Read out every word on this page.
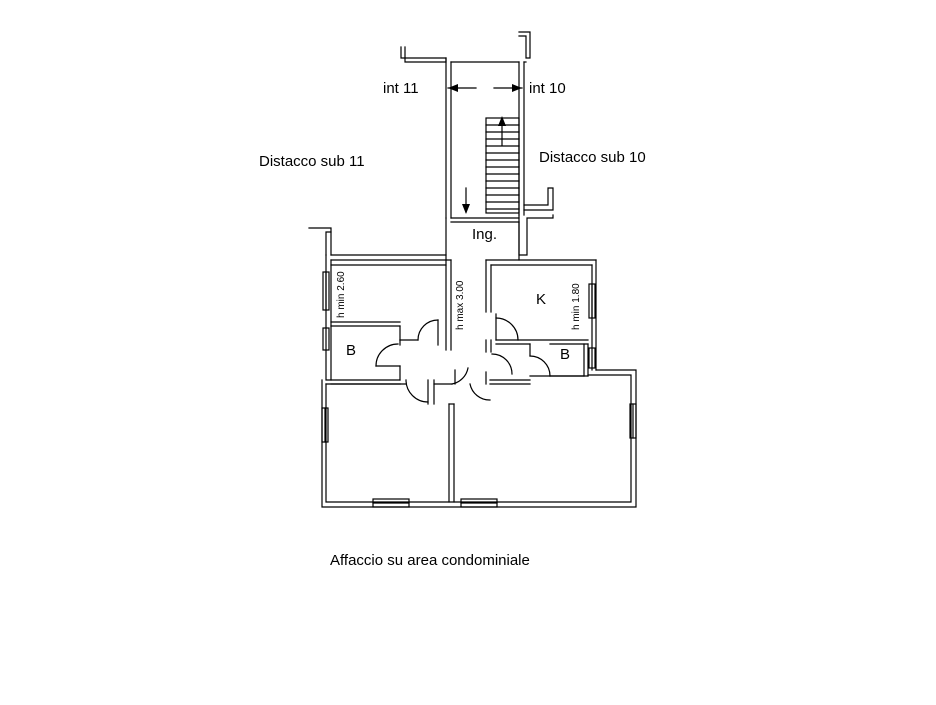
int 11	int 10
Distacco sub 11	Distacco sub 10
Ing.
K
B	B
h min 2.60	h max 3.00	h min 1.80
Affaccio su area condominiale
